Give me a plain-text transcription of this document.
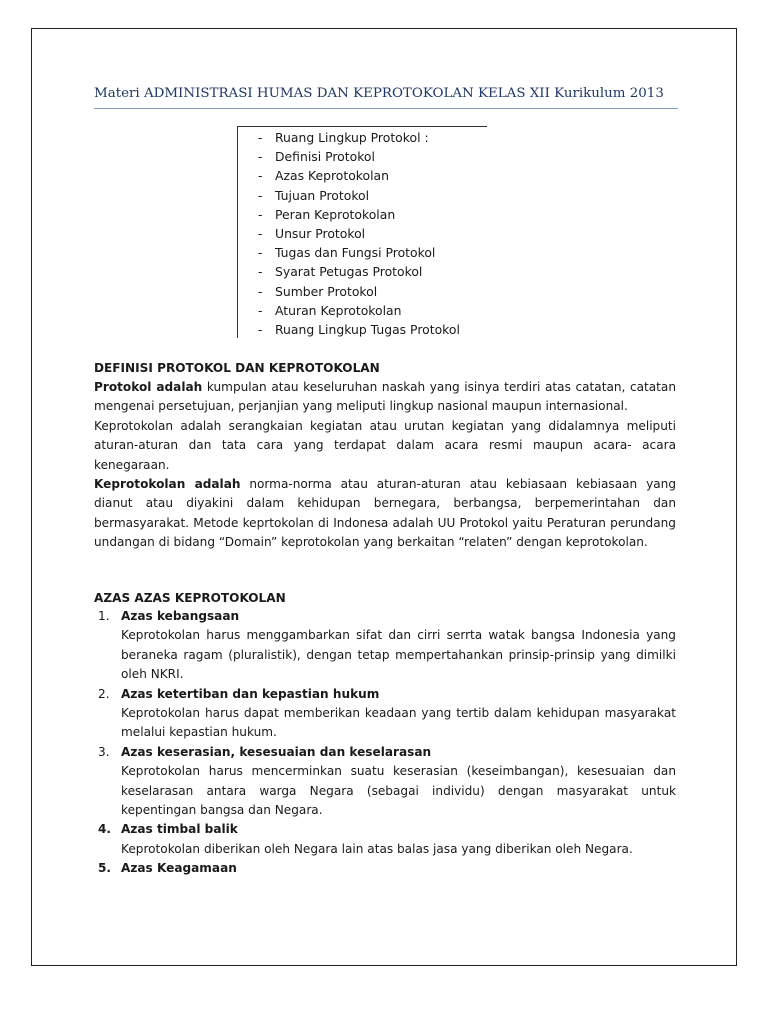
Materi ADMINISTRASI HUMAS DAN KEPROTOKOLAN KELAS XII Kurikulum 2013
- Ruang Lingkup Protokol :
- Definisi Protokol
- Azas Keprotokolan
- Tujuan Protokol
- Peran Keprotokolan
- Unsur Protokol
- Tugas dan Fungsi Protokol
- Syarat Petugas Protokol
- Sumber Protokol
- Aturan Keprotokolan
- Ruang Lingkup Tugas Protokol
DEFINISI PROTOKOL DAN KEPROTOKOLAN

Protokol adalah kumpulan atau keseluruhan naskah yang isinya terdiri atas catatan, catatan mengenai persetujuan, perjanjian yang meliputi lingkup nasional maupun internasional.

Keprotokolan adalah serangkaian kegiatan atau urutan kegiatan yang didalamnya meliputi aturan-aturan dan tata cara yang terdapat dalam acara resmi maupun acara- acara kenegaraan.

Keprotokolan adalah norma-norma atau aturan-aturan atau kebiasaan kebiasaan yang dianut atau diyakini dalam kehidupan bernegara, berbangsa, berpemerintahan dan bermasyarakat. Metode keprtokolan di Indonesa adalah UU Protokol yaitu Peraturan perundang undangan di bidang “Domain” keprotokolan yang berkaitan “relaten” dengan keprotokolan.

AZAS AZAS KEPROTOKOLAN
1. Azas kebangsaan
Keprotokolan harus menggambarkan sifat dan cirri serrta watak bangsa Indonesia yang beraneka ragam (pluralistik), dengan tetap mempertahankan prinsip-prinsip yang dimilki oleh NKRI.
2. Azas ketertiban dan kepastian hukum
Keprotokolan harus dapat memberikan keadaan yang tertib dalam kehidupan masyarakat melalui kepastian hukum.
3. Azas keserasian, kesesuaian dan keselarasan
Keprotokolan harus mencerminkan suatu keserasian (keseimbangan), kesesuaian dan keselarasan antara warga Negara (sebagai individu) dengan masyarakat untuk kepentingan bangsa dan Negara.
4. Azas timbal balik
Keprotokolan diberikan oleh Negara lain atas balas jasa yang diberikan oleh Negara.
5. Azas Keagamaan
